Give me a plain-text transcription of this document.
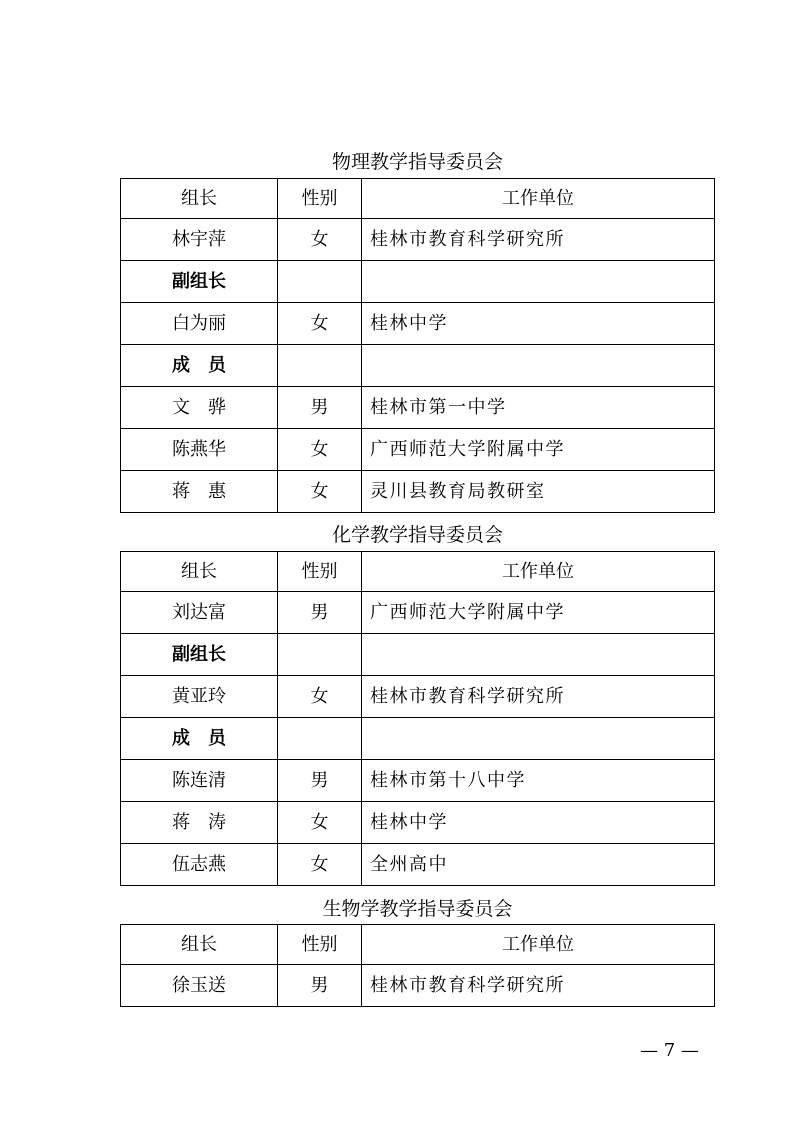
物理教学指导委员会
组长	性别	工作单位
林宇萍	女	桂林市教育科学研究所
副组长		
白为丽	女	桂林中学
成　员		
文　骅	男	桂林市第一中学
陈燕华	女	广西师范大学附属中学
蒋　惠	女	灵川县教育局教研室
化学教学指导委员会
组长	性别	工作单位
刘达富	男	广西师范大学附属中学
副组长		
黄亚玲	女	桂林市教育科学研究所
成　员		
陈连清	男	桂林市第十八中学
蒋　涛	女	桂林中学
伍志燕	女	全州高中
生物学教学指导委员会
组长	性别	工作单位
徐玉送	男	桂林市教育科学研究所
— 7 —
